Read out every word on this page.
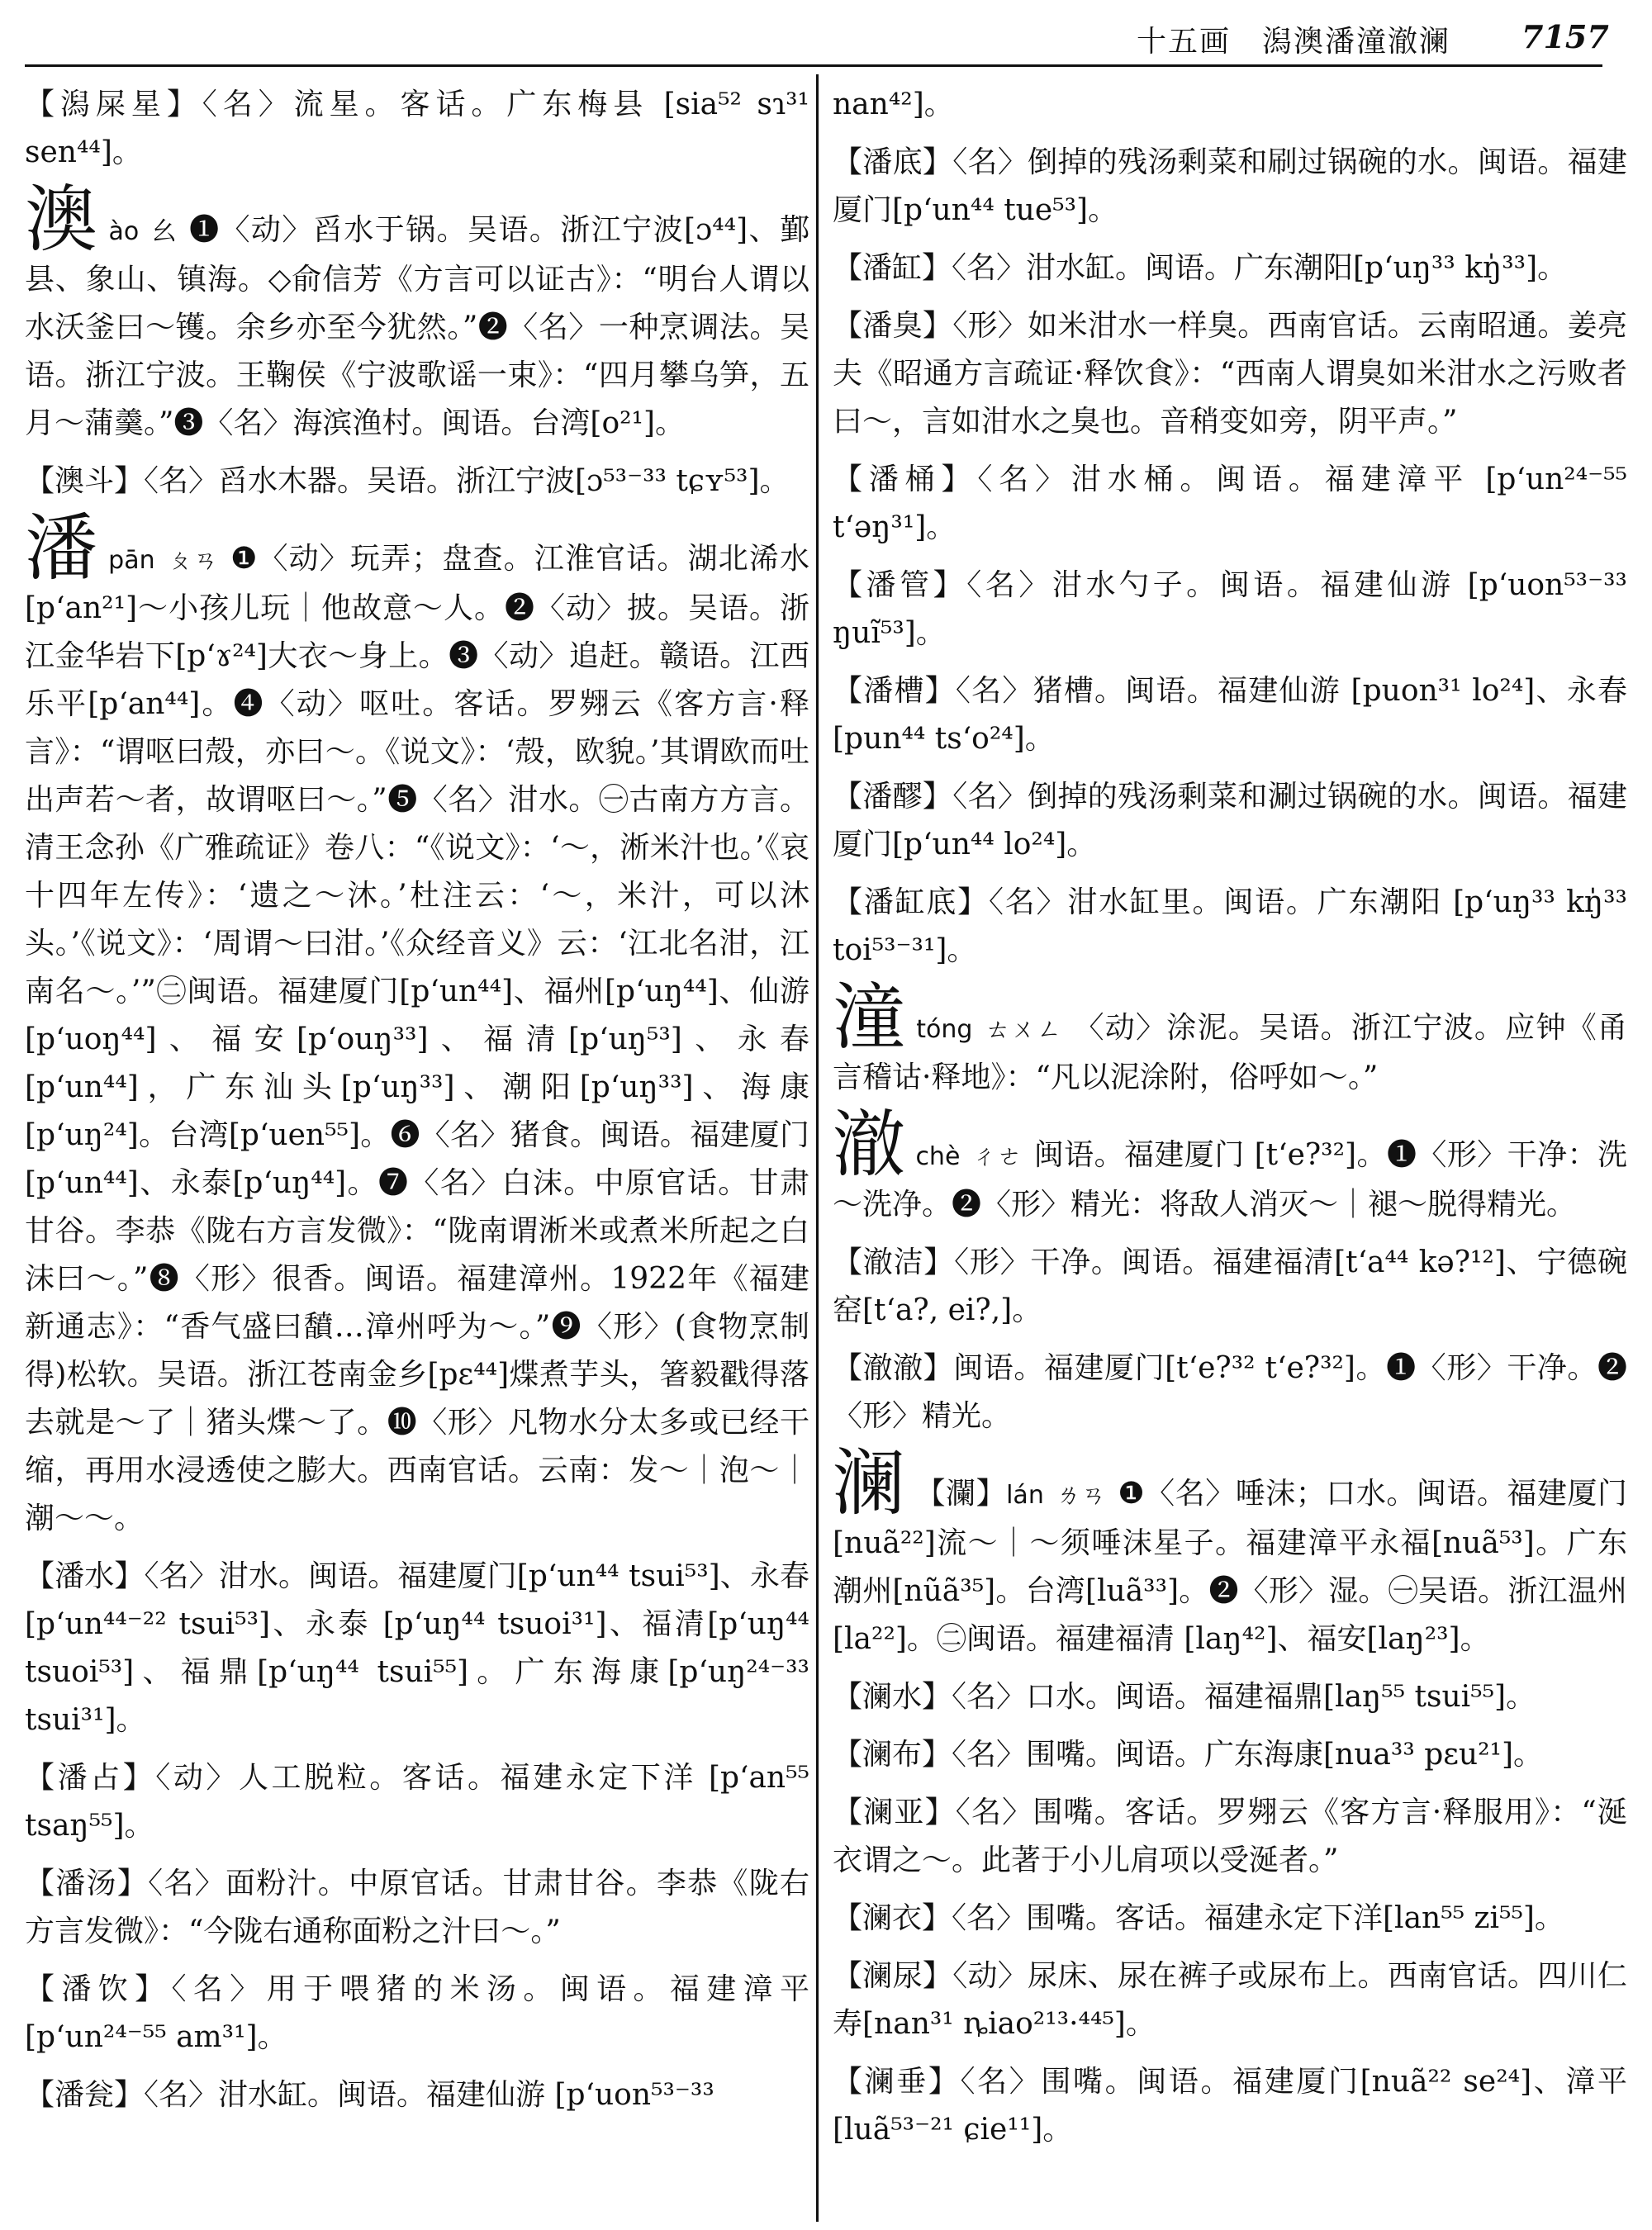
十五画　潟澳潘潼澈澜 7157

【潟屎星】〈名〉流星。客话。广东梅县 [sia⁵² sɿ³¹ sen⁴⁴]。

澳ào 幺 ❶〈动〉舀水于锅。吴语。浙江宁波[ɔ⁴⁴]、鄞县、象山、镇海。◇俞信芳《方言可以证古》：“明台人谓以水沃釜曰～镬。余乡亦至今犹然。”❷〈名〉一种烹调法。吴语。浙江宁波。王鞠侯《宁波歌谣一束》：“四月攀乌笋，五月～蒲羹。”❸〈名〉海滨渔村。闽语。台湾[o²¹]。

【澳斗】〈名〉舀水木器。吴语。浙江宁波[ɔ⁵³⁻³³ tɕʏ⁵³]。

潘pān ㄆㄢ ❶〈动〉玩弄；盘查。江淮官话。湖北浠水[p‘an²¹]～小孩儿玩｜他故意～人。❷〈动〉披。吴语。浙江金华岩下[p‘ɤ²⁴]大衣～身上。❸〈动〉追赶。赣语。江西乐平[p‘an⁴⁴]。❹〈动〉呕吐。客话。罗翙云《客方言·释言》：“谓呕曰殻，亦曰～。《说文》：‘殻，欧貌。’其谓欧而吐出声若～者，故谓呕曰～。”❺〈名〉泔水。㊀古南方方言。清王念孙《广雅疏证》卷八：“《说文》：‘～，淅米汁也。’《哀十四年左传》：‘遗之～沐。’杜注云：‘～，米汁，可以沐头。’《说文》：‘周谓～曰泔。’《众经音义》云：‘江北名泔，江南名～。’”㊁闽语。福建厦门[p‘un⁴⁴]、福州[p‘uŋ⁴⁴]、仙游[p‘uoŋ⁴⁴]、福安[p‘ouŋ³³]、福清[p‘uŋ⁵³]、永春[p‘un⁴⁴]，广东汕头[p‘uŋ³³]、潮阳[p‘uŋ³³]、海康[p‘uŋ²⁴]。台湾[p‘uen⁵⁵]。❻〈名〉猪食。闽语。福建厦门[p‘un⁴⁴]、永泰[p‘uŋ⁴⁴]。❼〈名〉白沫。中原官话。甘肃甘谷。李恭《陇右方言发微》：“陇南谓淅米或煮米所起之白沫曰～。”❽〈形〉很香。闽语。福建漳州。1922年《福建新通志》：“香气盛曰馩…漳州呼为～。”❾〈形〉(食物烹制得)松软。吴语。浙江苍南金乡[pɛ⁴⁴]煠煮芋头，箸毅戳得落去就是～了｜猪头煠～了。❿〈形〉凡物水分太多或已经干缩，再用水浸透使之膨大。西南官话。云南：发～｜泡～｜潮～～。

【潘水】〈名〉泔水。闽语。福建厦门[p‘un⁴⁴ tsui⁵³]、永春[p‘un⁴⁴⁻²² tsui⁵³]、永泰 [p‘uŋ⁴⁴ tsuoi³¹]、福清[p‘uŋ⁴⁴ tsuoi⁵³]、福鼎[p‘uŋ⁴⁴ tsui⁵⁵]。广东海康[p‘uŋ²⁴⁻³³ tsui³¹]。

【潘占】〈动〉人工脱粒。客话。福建永定下洋 [p‘an⁵⁵ tsaŋ⁵⁵]。

【潘汤】〈名〉面粉汁。中原官话。甘肃甘谷。李恭《陇右方言发微》：“今陇右通称面粉之汁曰～。”

【潘饮】〈名〉用于喂猪的米汤。闽语。福建漳平 [p‘un²⁴⁻⁵⁵ am³¹]。

【潘瓮】〈名〉泔水缸。闽语。福建仙游 [p‘uon⁵³⁻³³

nan⁴²]。

【潘底】〈名〉倒掉的残汤剩菜和刷过锅碗的水。闽语。福建厦门[p‘un⁴⁴ tue⁵³]。

【潘缸】〈名〉泔水缸。闽语。广东潮阳[p‘uŋ³³ kŋ̍³³]。

【潘臭】〈形〉如米泔水一样臭。西南官话。云南昭通。姜亮夫《昭通方言疏证·释饮食》：“西南人谓臭如米泔水之污败者曰～，言如泔水之臭也。音稍变如旁，阴平声。”

【潘桶】〈名〉泔水桶。闽语。福建漳平 [p‘un²⁴⁻⁵⁵ t‘əŋ³¹]。

【潘管】〈名〉泔水勺子。闽语。福建仙游 [p‘uon⁵³⁻³³ ŋuĩ⁵³]。

【潘槽】〈名〉猪槽。闽语。福建仙游 [puon³¹ lo²⁴]、永春[pun⁴⁴ ts‘o²⁴]。

【潘醪】〈名〉倒掉的残汤剩菜和涮过锅碗的水。闽语。福建厦门[p‘un⁴⁴ lo²⁴]。

【潘缸底】〈名〉泔水缸里。闽语。广东潮阳 [p‘uŋ³³ kŋ̍³³ toi⁵³⁻³¹]。

潼tóng ㄊㄨㄥ 〈动〉涂泥。吴语。浙江宁波。应钟《甬言稽诂·释地》：“凡以泥涂附，俗呼如～。”

澈chè ㄔㄜ 闽语。福建厦门 [t‘e?³²]。❶〈形〉干净：洗～洗净。❷〈形〉精光：将敌人消灭～｜褪～脱得精光。

【澈洁】〈形〉干净。闽语。福建福清[t‘a⁴⁴ kə?¹²]、宁德碗窑[t‘a?, ei?,]。

【澈澈】闽语。福建厦门[t‘e?³² t‘e?³²]。❶〈形〉干净。❷〈形〉精光。

澜 【瀾】lán ㄌㄢ ❶〈名〉唾沫；口水。闽语。福建厦门[nuã²²]流～｜～须唾沫星子。福建漳平永福[nuã⁵³]。广东潮州[nũã³⁵]。台湾[luã³³]。❷〈形〉湿。㊀吴语。浙江温州 [la²²]。㊁闽语。福建福清 [laŋ⁴²]、福安[laŋ²³]。

【澜水】〈名〉口水。闽语。福建福鼎[laŋ⁵⁵ tsui⁵⁵]。

【澜布】〈名〉围嘴。闽语。广东海康[nua³³ pɛu²¹]。

【澜亚】〈名〉围嘴。客话。罗翙云《客方言·释服用》：“涎衣谓之～。此著于小儿肩项以受涎者。”

【澜衣】〈名〉围嘴。客话。福建永定下洋[lan⁵⁵ zi⁵⁵]。

【澜尿】〈动〉尿床、尿在裤子或尿布上。西南官话。四川仁寿[nan³¹ ȵiao²¹³·⁴⁴⁵]。

【澜垂】〈名〉围嘴。闽语。福建厦门[nuã²² se²⁴]、漳平[luã⁵³⁻²¹ ɕie¹¹]。
